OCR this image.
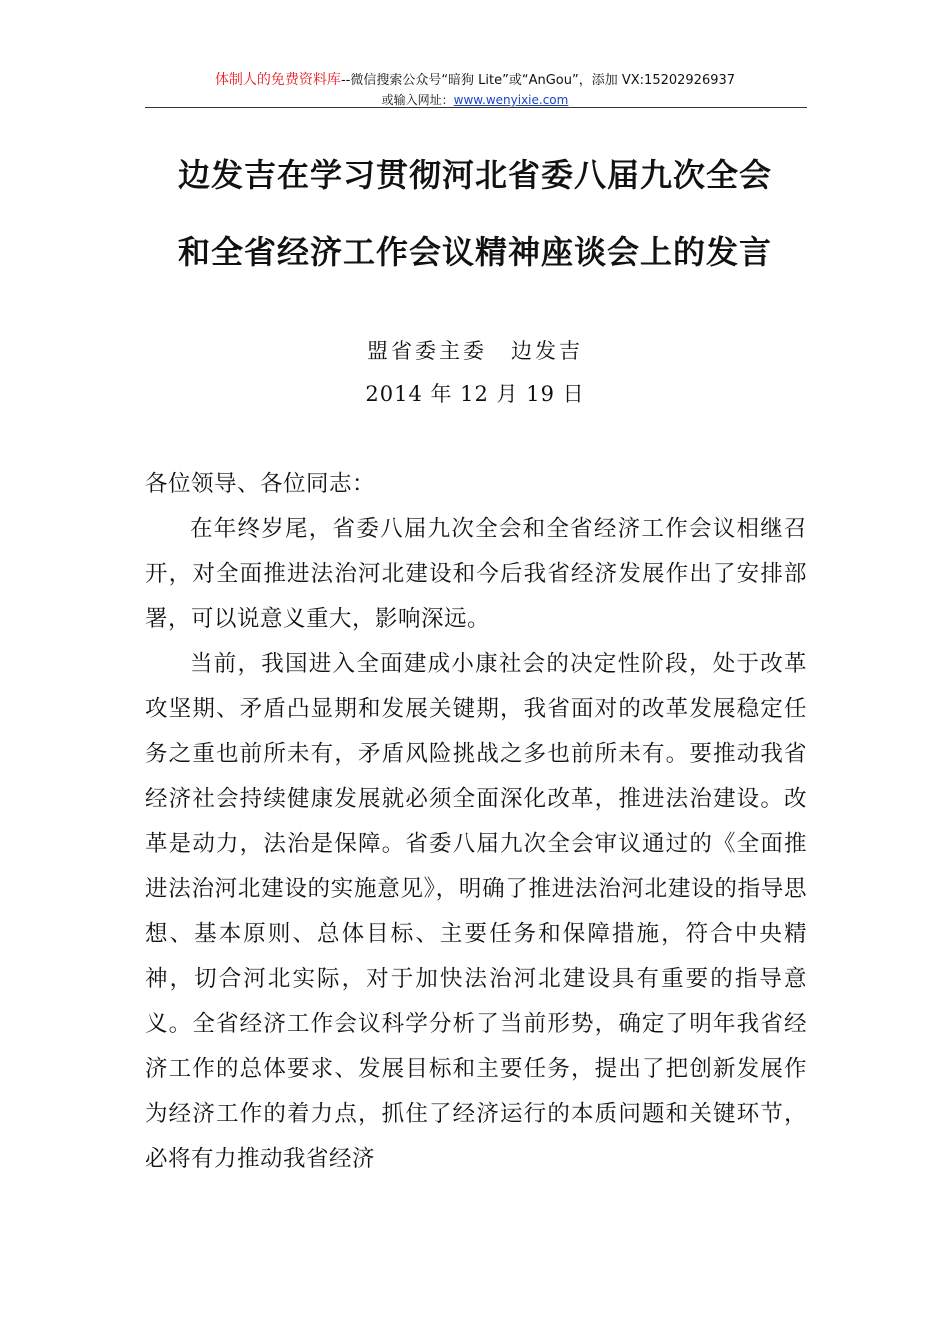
体制人的免费资料库--微信搜索公众号“暗狗 Lite”或“AnGou”，添加 VX:15202926937
或输入网址：www.wenyixie.com
边发吉在学习贯彻河北省委八届九次全会
和全省经济工作会议精神座谈会上的发言
盟省委主委　边发吉
2014 年 12 月 19 日

各位领导、各位同志：

在年终岁尾，省委八届九次全会和全省经济工作会议相继召开，对全面推进法治河北建设和今后我省经济发展作出了安排部署，可以说意义重大，影响深远。

当前，我国进入全面建成小康社会的决定性阶段，处于改革攻坚期、矛盾凸显期和发展关键期，我省面对的改革发展稳定任务之重也前所未有，矛盾风险挑战之多也前所未有。要推动我省经济社会持续健康发展就必须全面深化改革，推进法治建设。改革是动力，法治是保障。省委八届九次全会审议通过的《全面推进法治河北建设的实施意见》，明确了推进法治河北建设的指导思想、基本原则、总体目标、主要任务和保障措施，符合中央精神，切合河北实际，对于加快法治河北建设具有重要的指导意义。全省经济工作会议科学分析了当前形势，确定了明年我省经济工作的总体要求、发展目标和主要任务，提出了把创新发展作为经济工作的着力点，抓住了经济运行的本质问题和关键环节，必将有力推动我省经济
